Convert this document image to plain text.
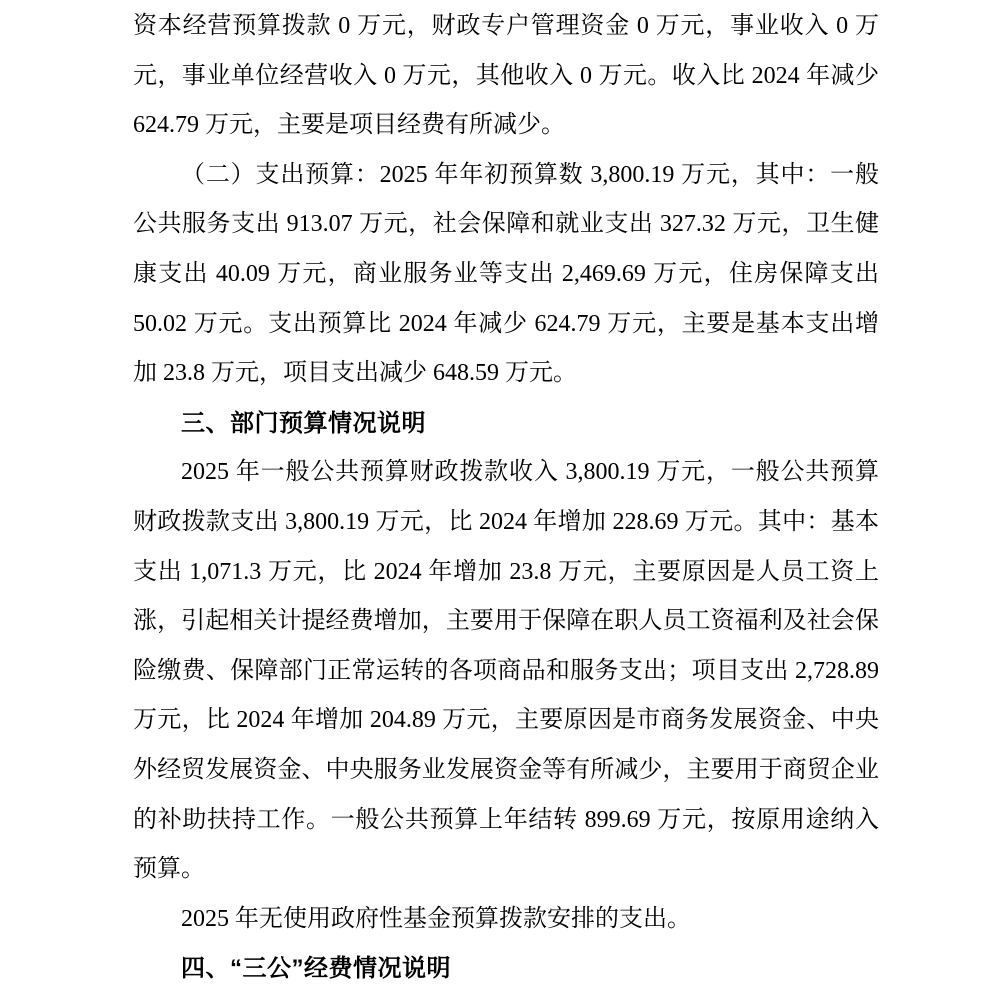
资本经营预算拨款 0 万元，财政专户管理资金 0 万元，事业收入 0 万元，事业单位经营收入 0 万元，其他收入 0 万元。收入比 2024 年减少 624.79 万元，主要是项目经费有所减少。

（二）支出预算：2025 年年初预算数 3,800.19 万元，其中：一般公共服务支出 913.07 万元，社会保障和就业支出 327.32 万元，卫生健康支出 40.09 万元，商业服务业等支出 2,469.69 万元，住房保障支出 50.02 万元。支出预算比 2024 年减少 624.79 万元，主要是基本支出增加 23.8 万元，项目支出减少 648.59 万元。

三、部门预算情况说明

2025 年一般公共预算财政拨款收入 3,800.19 万元，一般公共预算财政拨款支出 3,800.19 万元，比 2024 年增加 228.69 万元。其中：基本支出 1,071.3 万元，比 2024 年增加 23.8 万元，主要原因是人员工资上涨，引起相关计提经费增加，主要用于保障在职人员工资福利及社会保险缴费、保障部门正常运转的各项商品和服务支出；项目支出 2,728.89 万元，比 2024 年增加 204.89 万元，主要原因是市商务发展资金、中央外经贸发展资金、中央服务业发展资金等有所减少，主要用于商贸企业的补助扶持工作。一般公共预算上年结转 899.69 万元，按原用途纳入预算。

2025 年无使用政府性基金预算拨款安排的支出。

四、“三公”经费情况说明
